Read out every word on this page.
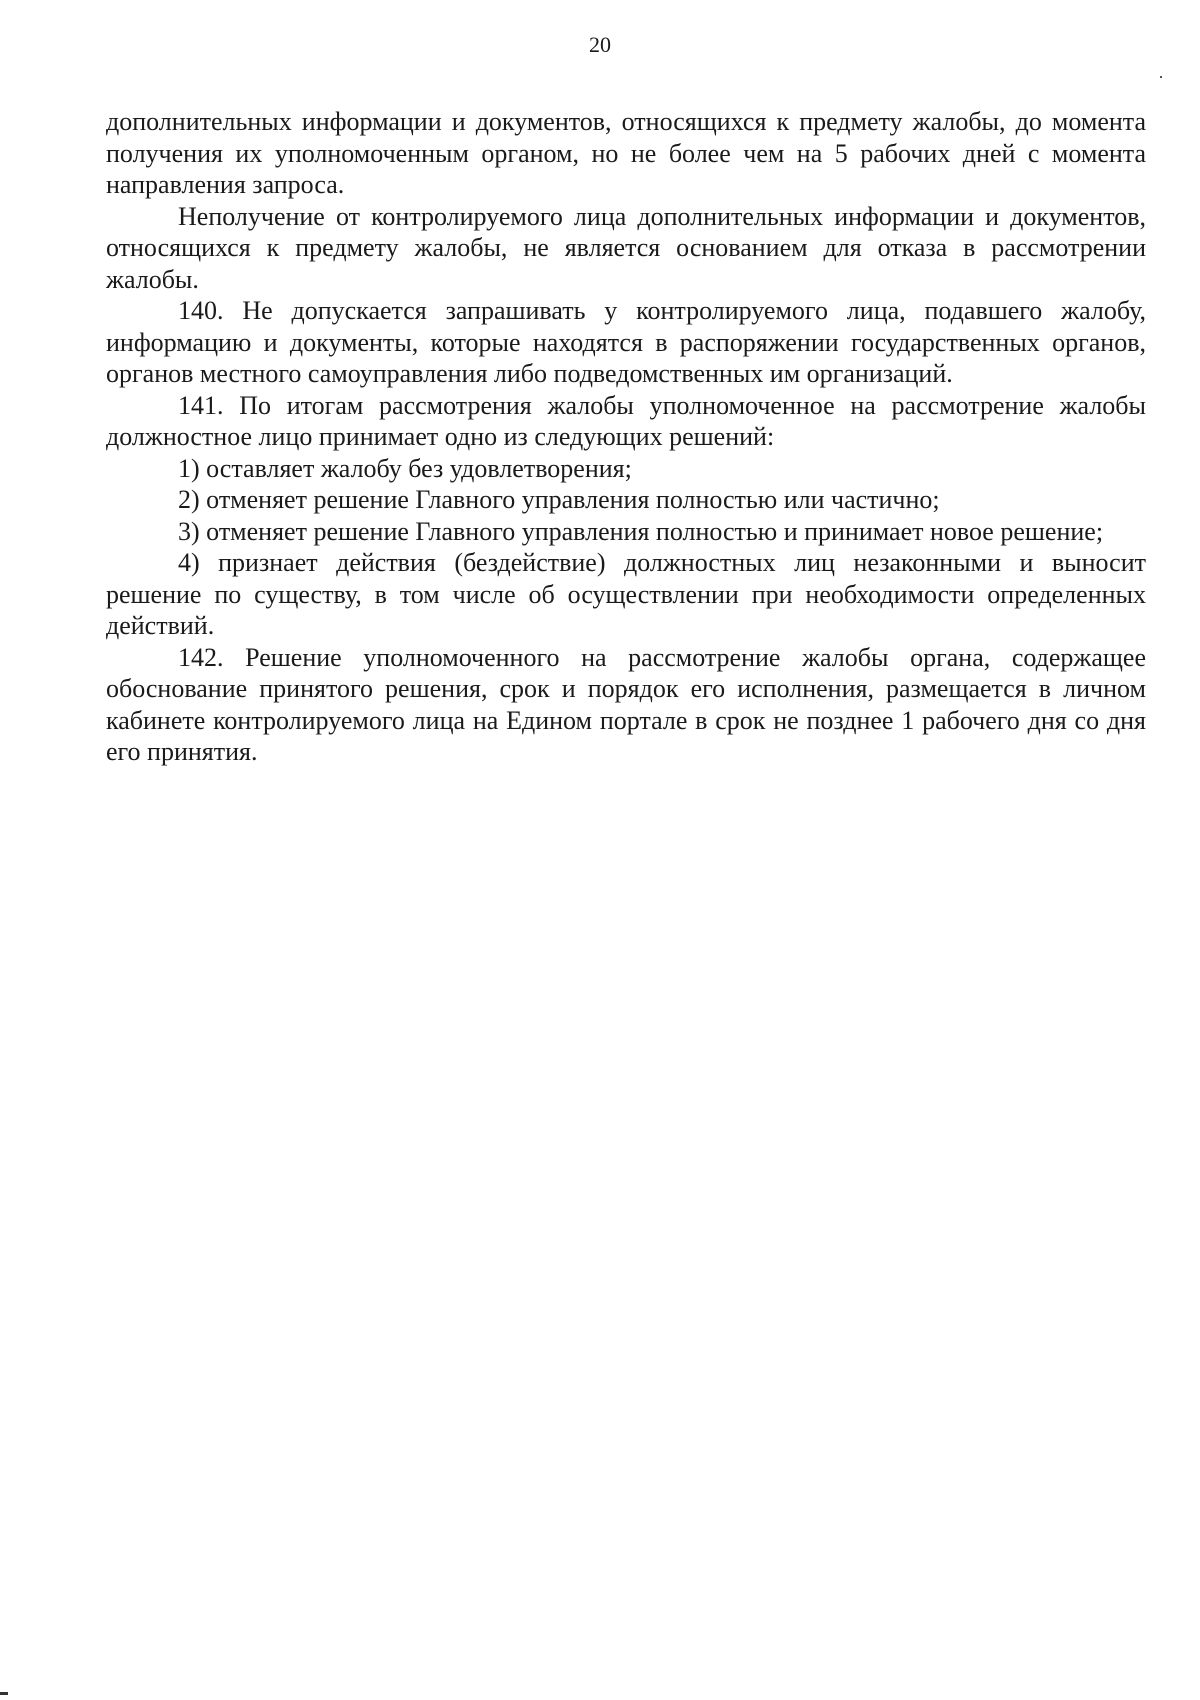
20

дополнительных информации и документов, относящихся к предмету жалобы, до момента получения их уполномоченным органом, но не более чем на 5 рабочих дней с момента направления запроса.

Неполучение от контролируемого лица дополнительных информации и документов, относящихся к предмету жалобы, не является основанием для отказа в рассмотрении жалобы.

140. Не допускается запрашивать у контролируемого лица, подавшего жалобу, информацию и документы, которые находятся в распоряжении государственных органов, органов местного самоуправления либо подведомственных им организаций.

141. По итогам рассмотрения жалобы уполномоченное на рассмотрение жалобы должностное лицо принимает одно из следующих решений:

1) оставляет жалобу без удовлетворения;

2) отменяет решение Главного управления полностью или частично;

3) отменяет решение Главного управления полностью и принимает новое решение;

4) признает действия (бездействие) должностных лиц незаконными и выносит решение по существу, в том числе об осуществлении при необходимости определенных действий.

142. Решение уполномоченного на рассмотрение жалобы органа, содержащее обоснование принятого решения, срок и порядок его исполнения, размещается в личном кабинете контролируемого лица на Едином портале в срок не позднее 1 рабочего дня со дня его принятия.
